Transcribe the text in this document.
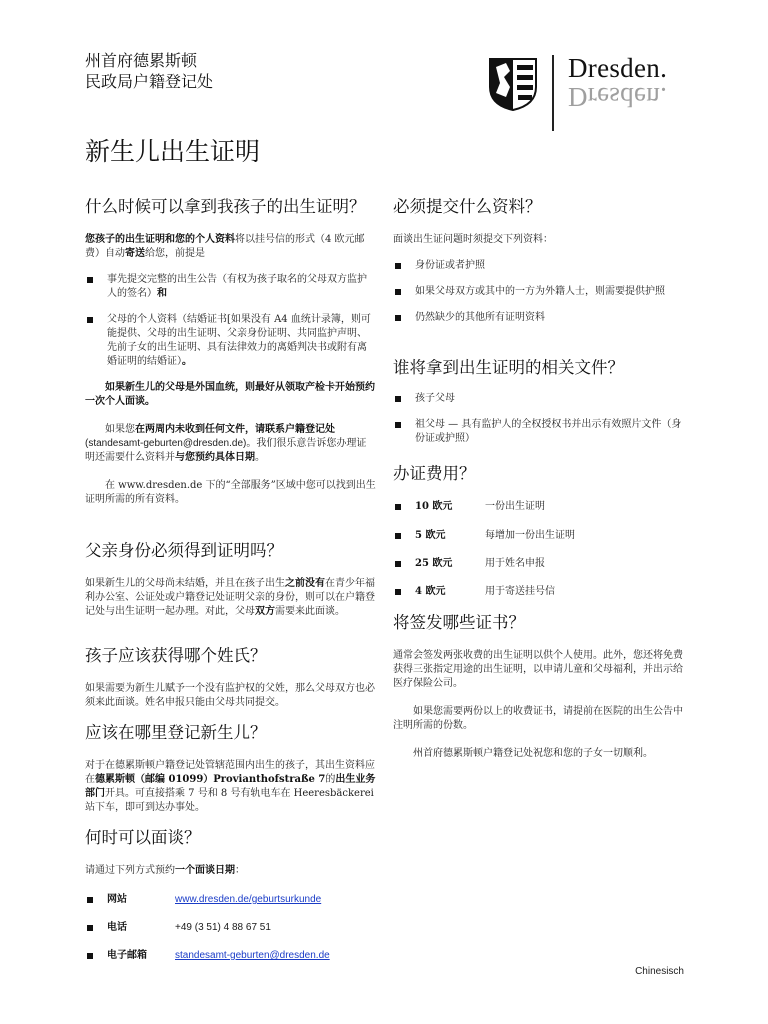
州首府德累斯顿
民政局户籍登记处	Dresden.
Dresden.
新生儿出生证明
什么时候可以拿到我孩子的出生证明？

您孩子的出生证明和您的个人资料将以挂号信的形式（4 欧元邮费）自动寄送给您，前提是

事先提交完整的出生公告（有权为孩子取名的父母双方监护人的签名）和
父母的个人资料（结婚证书[如果没有 A4 血统计录簿，则可能提供、父母的出生证明、父亲身份证明、共同监护声明、先前子女的出生证明、具有法律效力的离婚判决书或附有离婚证明的结婚证）。

如果新生儿的父母是外国血统，则最好从领取产检卡开始预约一次个人面谈。

如果您在两周内未收到任何文件，请联系户籍登记处(standesamt-geburten@dresden.de)。我们很乐意告诉您办理证明还需要什么资料并与您预约具体日期。

在 www.dresden.de 下的“全部服务”区域中您可以找到出生证明所需的所有资料。

父亲身份必须得到证明吗？

如果新生儿的父母尚未结婚，并且在孩子出生之前没有在青少年福利办公室、公证处或户籍登记处证明父亲的身份，则可以在户籍登记处与出生证明一起办理。对此，父母双方需要来此面谈。

孩子应该获得哪个姓氏？

如果需要为新生儿赋予一个没有监护权的父姓，那么父母双方也必须来此面谈。姓名申报只能由父母共同提交。

应该在哪里登记新生儿？

对于在德累斯顿户籍登记处管辖范围内出生的孩子，其出生资料应在德累斯顿（邮编 01099）Provianthofstraße 7的出生业务部门开具。可直接搭乘 7 号和 8 号有轨电车在 Heeresbäckerei 站下车，即可到达办事处。

何时可以面谈？

请通过下列方式预约一个面谈日期：

网站	www.dresden.de/geburtsurkunde
电话	+49 (3 51) 4 88 67 51
电子邮箱	standesamt-geburten@dresden.de
必须提交什么资料？

面谈出生证问题时须提交下列资料：

身份证或者护照
如果父母双方或其中的一方为外籍人士，则需要提供护照
仍然缺少的其他所有证明资料
谁将拿到出生证明的相关文件？
孩子父母
祖父母 — 具有监护人的全权授权书并出示有效照片文件（身份证或护照）
办证费用？
10 欧元	一份出生证明
5 欧元	每增加一份出生证明
25 欧元	用于姓名申报
4 欧元	用于寄送挂号信
将签发哪些证书？

通常会签发两张收费的出生证明以供个人使用。此外，您还将免费获得三张指定用途的出生证明，以申请儿童和父母福利，并出示给医疗保险公司。

如果您需要两份以上的收费证书，请提前在医院的出生公告中注明所需的份数。

州首府德累斯顿户籍登记处祝您和您的子女一切顺利。

Chinesisch
